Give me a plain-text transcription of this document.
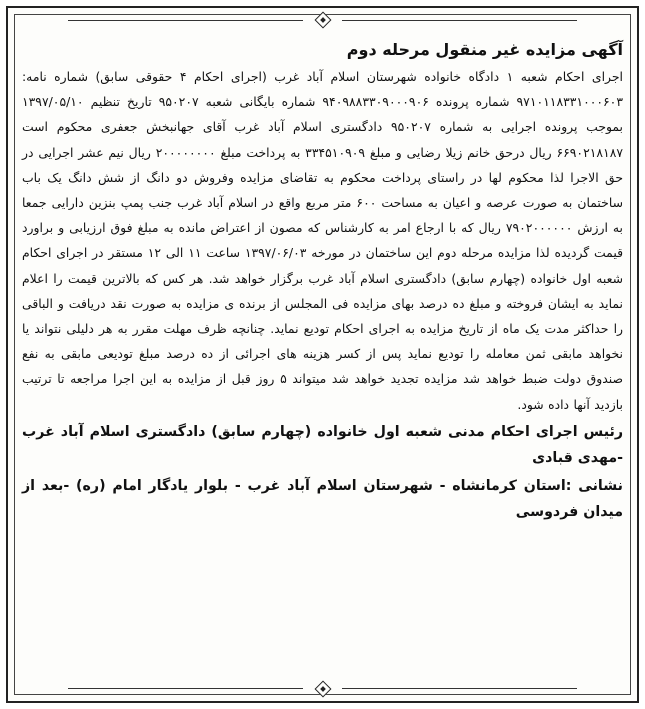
آگهی مزایده غیر منقول مرحله دوم

اجرای احکام شعبه ۱ دادگاه خانواده شهرستان اسلام آباد غرب (اجرای احکام ۴ حقوقی سابق) شماره نامه: ۹۷۱۰۱۱۸۳۳۱۰۰۰۶۰۳ شماره پرونده ۹۴۰۹۸۸۳۳۰۹۰۰۰۹۰۶ شماره بایگانی شعبه ۹۵۰۲۰۷ تاریخ تنظیم ۱۳۹۷/۰۵/۱۰ بموجب پرونده اجرایی به شماره ۹۵۰۲۰۷ دادگستری اسلام آباد غرب آقای جهانبخش جعفری محکوم است ۶۶۹۰۲۱۸۱۸۷ ریال درحق خانم زیلا رضایی و مبلغ ۳۳۴۵۱۰۹۰۹ به پرداخت مبلغ ۲۰۰۰۰۰۰۰۰ ریال نیم عشر اجرایی در حق الاجرا لذا محکوم لها در راستای پرداخت محکوم به تقاضای مزایده وفروش دو دانگ از شش دانگ یک باب ساختمان به صورت عرصه و اعیان به مساحت ۶۰۰ متر مربع واقع در اسلام آباد غرب جنب پمپ بنزین دارایی جمعا به ارزش ۷۹۰۲۰۰۰۰۰۰ ریال که با ارجاع امر به کارشناس که مصون از اعتراض مانده به مبلغ فوق ارزیابی و براورد قیمت گردیده لذا مزایده مرحله دوم این ساختمان در مورخه ۱۳۹۷/۰۶/۰۳ ساعت ۱۱ الی ۱۲ مستقر در اجرای احکام شعبه اول خانواده (چهارم سابق) دادگستری اسلام آباد غرب برگزار خواهد شد. هر کس که بالاترین قیمت را اعلام نماید به ایشان فروخته و مبلغ ده درصد بهای مزایده فی المجلس از برنده ی مزایده به صورت نقد دریافت و الباقی را حداکثر مدت یک ماه از تاریخ مزایده به اجرای احکام تودیع نماید. چنانچه ظرف مهلت مقرر به هر دلیلی نتواند یا نخواهد مابقی ثمن معامله را تودیع نماید پس از کسر هزینه های اجرائی از ده درصد مبلغ تودیعی مابقی به نفع صندوق دولت ضبط خواهد شد مزایده تجدید خواهد شد میتواند ۵ روز قبل از مزایده به این اجرا مراجعه تا ترتیب بازدید آنها داده شود.

رئیس اجرای احکام مدنی شعبه اول خانواده (چهارم سابق) دادگستری اسلام آباد غرب -مهدی قبادی

نشانی :استان کرمانشاه - شهرستان اسلام آباد غرب - بلوار یادگار امام (ره) -بعد از میدان فردوسی
